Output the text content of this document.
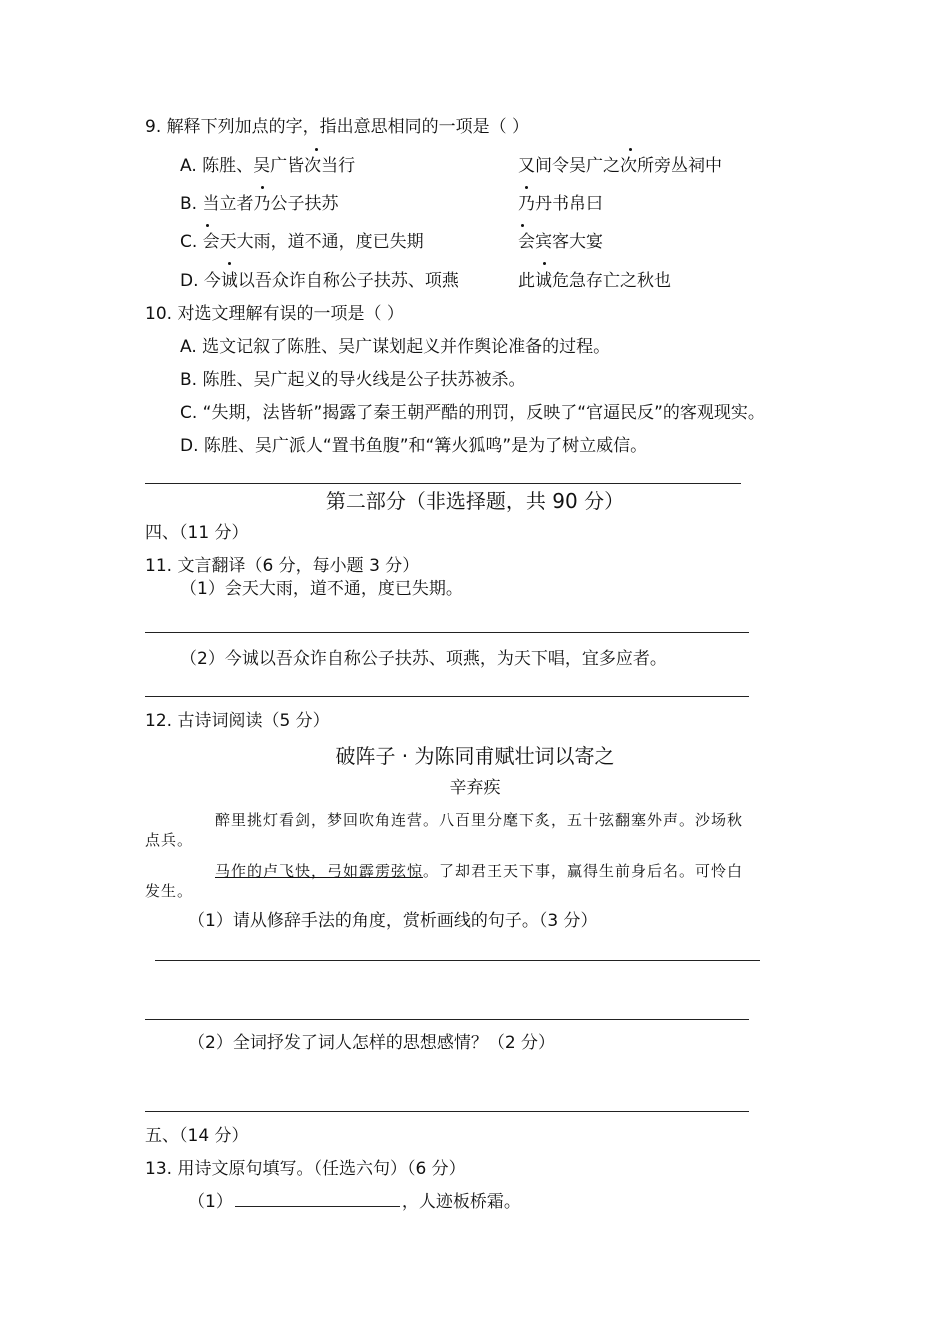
9. 解释下列加点的字，指出意思相同的一项是（ ）
A. 陈胜、吴广皆次当行	又间令吴广之次所旁丛祠中
B. 当立者乃公子扶苏	乃丹书帛曰
C. 会天大雨，道不通，度已失期	会宾客大宴
D. 今诚以吾众诈自称公子扶苏、项燕	此诚危急存亡之秋也
10. 对选文理解有误的一项是（ ）
A. 选文记叙了陈胜、吴广谋划起义并作舆论准备的过程。
B. 陈胜、吴广起义的导火线是公子扶苏被杀。
C. “失期，法皆斩”揭露了秦王朝严酷的刑罚，反映了“官逼民反”的客观现实。
D. 陈胜、吴广派人“置书鱼腹”和“篝火狐鸣”是为了树立威信。
第二部分（非选择题，共 90 分）
四、（11 分）
11. 文言翻译（6 分，每小题 3 分）
（1）会天大雨，道不通，度已失期。
（2）今诚以吾众诈自称公子扶苏、项燕，为天下唱，宜多应者。
12. 古诗词阅读（5 分）
破阵子 · 为陈同甫赋壮词以寄之
辛弃疾
醉里挑灯看剑，梦回吹角连营。八百里分麾下炙，五十弦翻塞外声。沙场秋
点兵。
马作的卢飞快，弓如霹雳弦惊。了却君王天下事，赢得生前身后名。可怜白
发生。
（1）请从修辞手法的角度，赏析画线的句子。（3 分）
（2）全词抒发了词人怎样的思想感情？（2 分）
五、（14 分）
13. 用诗文原句填写。（任选六句）（6 分）
（1）	，人迹板桥霜。
